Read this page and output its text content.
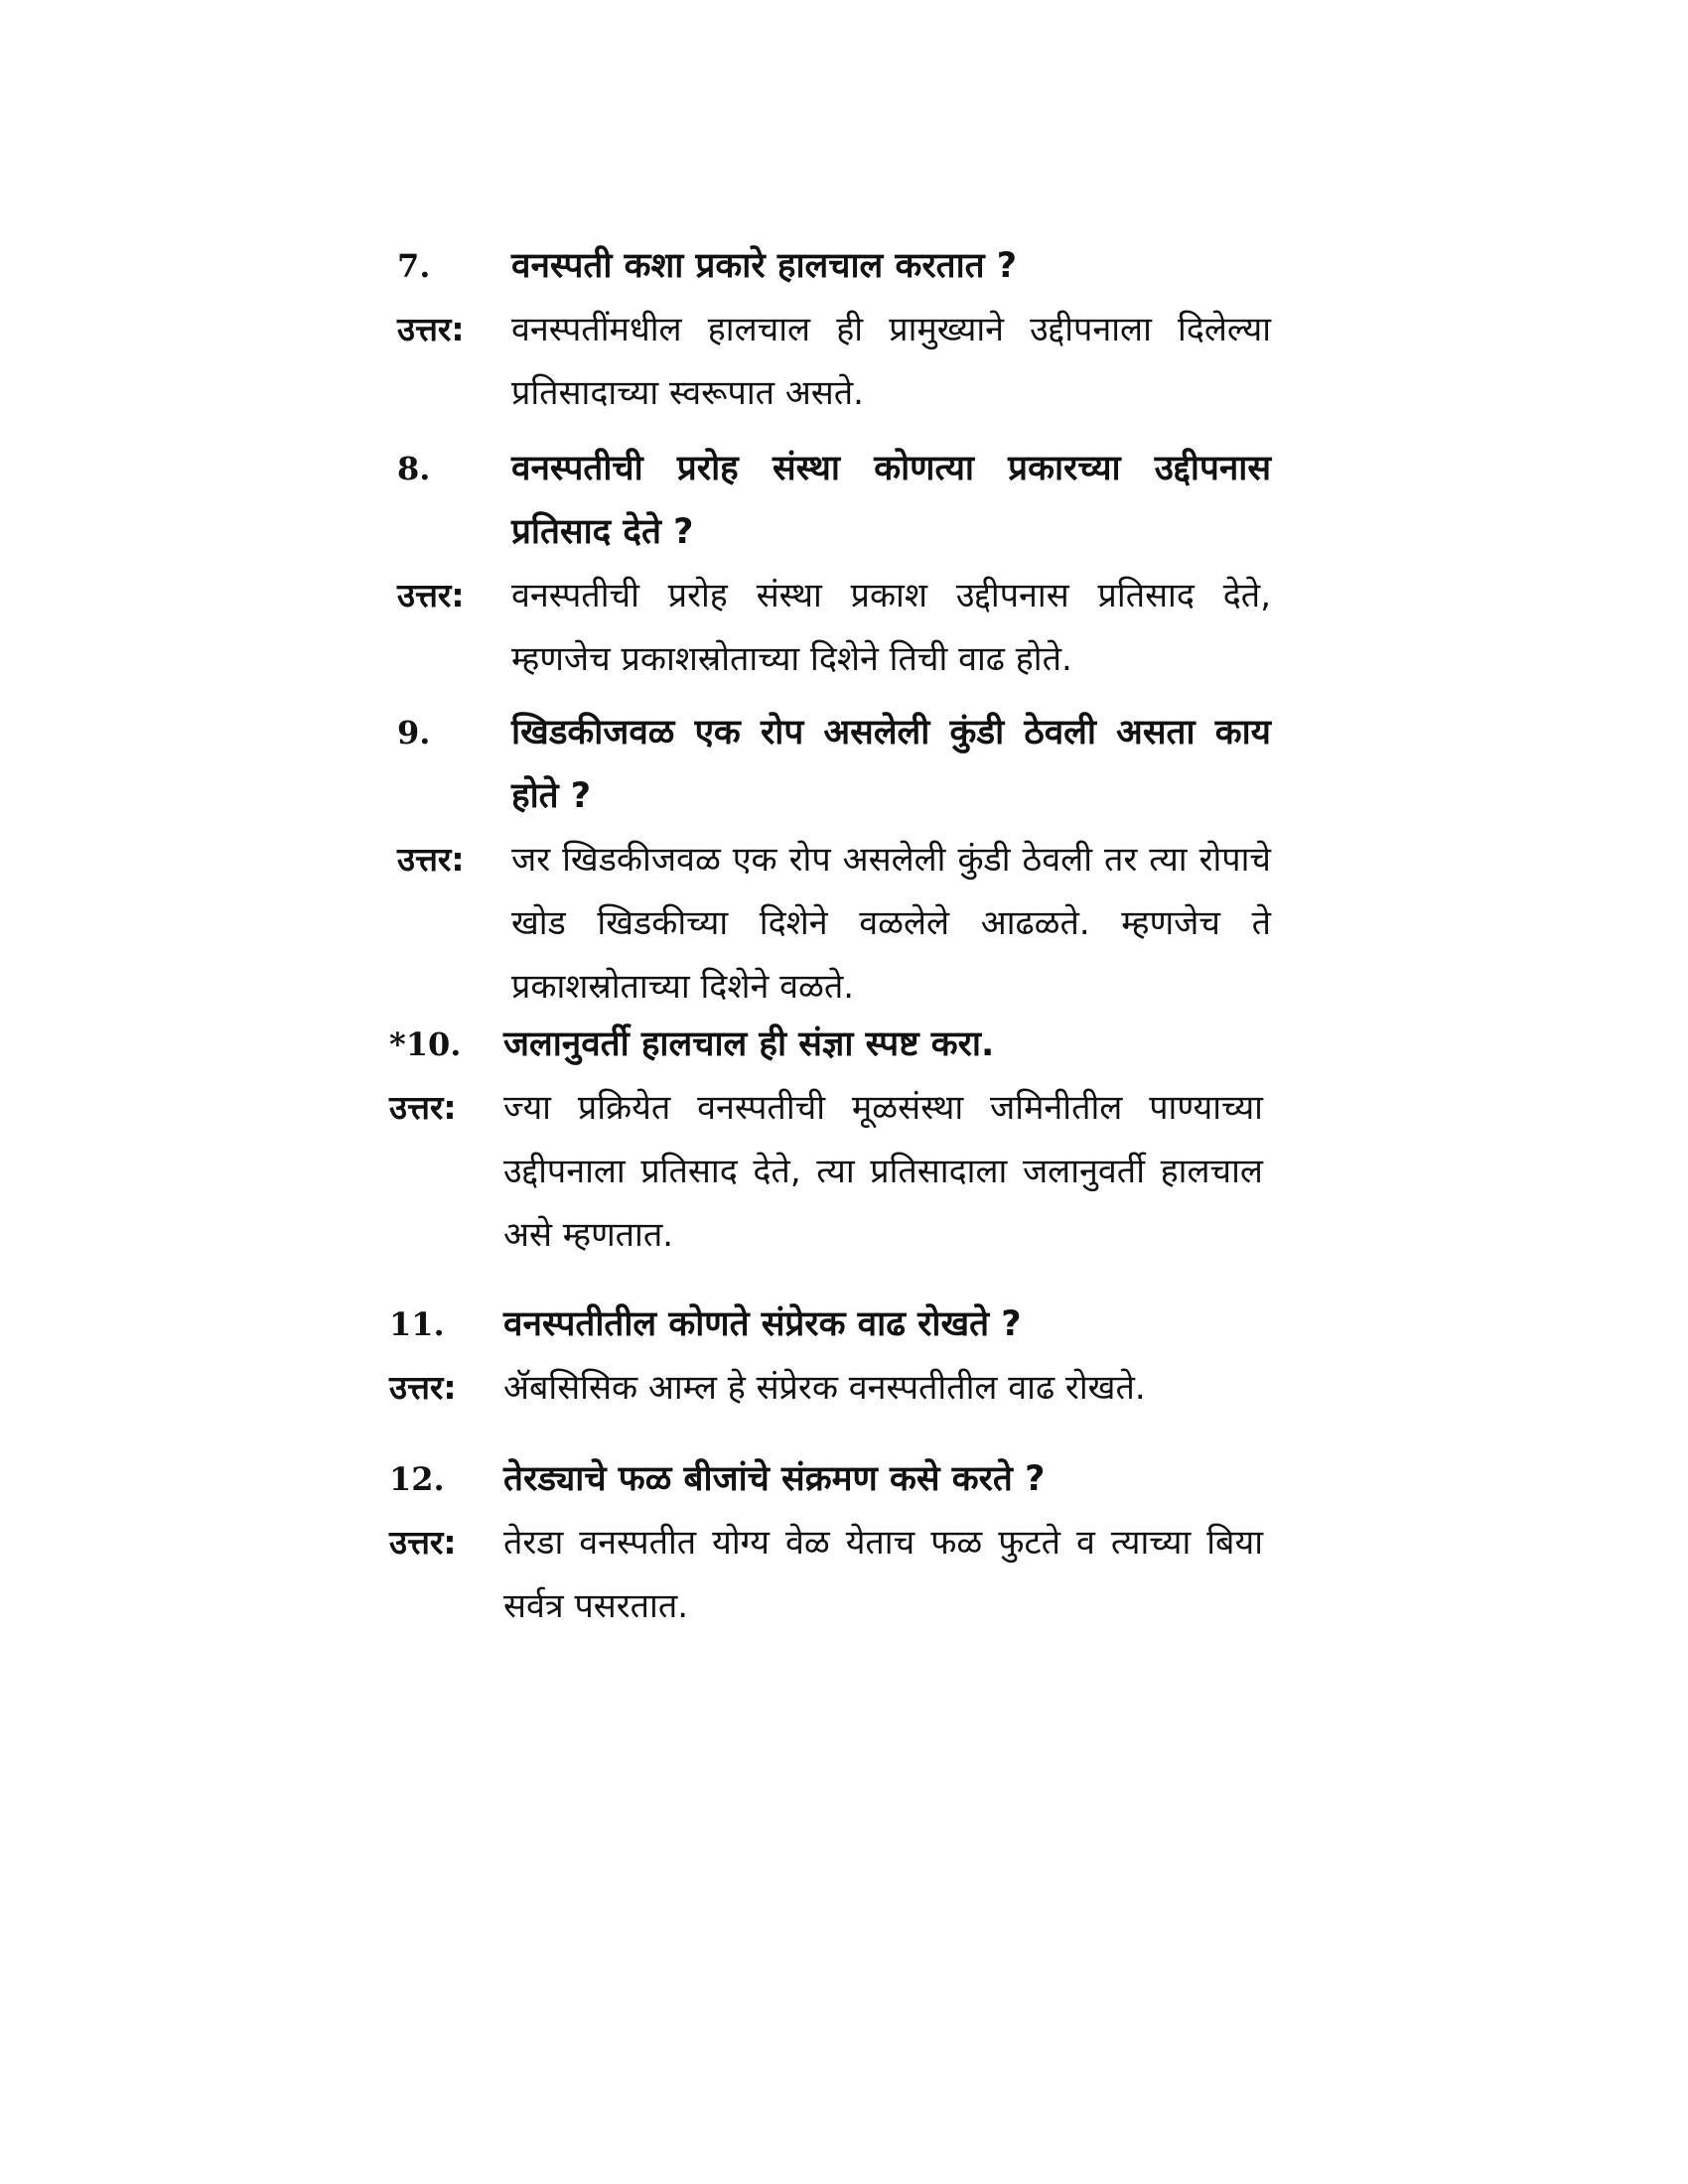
7.	वनस्पती कशा प्रकारे हालचाल करतात ?
उत्तर:	वनस्पतींमधील हालचाल ही प्रामुख्याने उद्दीपनाला दिलेल्या प्रतिसादाच्या स्वरूपात असते.
8.	वनस्पतीची प्ररोह संस्था कोणत्या प्रकारच्या उद्दीपनास प्रतिसाद देते ?
उत्तर:	वनस्पतीची प्ररोह संस्था प्रकाश उद्दीपनास प्रतिसाद देते, म्हणजेच प्रकाशस्रोताच्या दिशेने तिची वाढ होते.
9.	खिडकीजवळ एक रोप असलेली कुंडी ठेवली असता काय होते ?
उत्तर:	जर खिडकीजवळ एक रोप असलेली कुंडी ठेवली तर त्या रोपाचे खोड खिडकीच्या दिशेने वळलेले आढळते. म्हणजेच ते प्रकाशस्रोताच्या दिशेने वळते.
*10.	जलानुवर्ती हालचाल ही संज्ञा स्पष्ट करा.
उत्तर:	ज्या प्रक्रियेत वनस्पतीची मूळसंस्था जमिनीतील पाण्याच्या उद्दीपनाला प्रतिसाद देते, त्या प्रतिसादाला जलानुवर्ती हालचाल असे म्हणतात.
11.	वनस्पतीतील कोणते संप्रेरक वाढ रोखते ?
उत्तर:	ॲबसिसिक आम्ल हे संप्रेरक वनस्पतीतील वाढ रोखते.
12.	तेरड्याचे फळ बीजांचे संक्रमण कसे करते ?
उत्तर:	तेरडा वनस्पतीत योग्य वेळ येताच फळ फुटते व त्याच्या बिया सर्वत्र पसरतात.
